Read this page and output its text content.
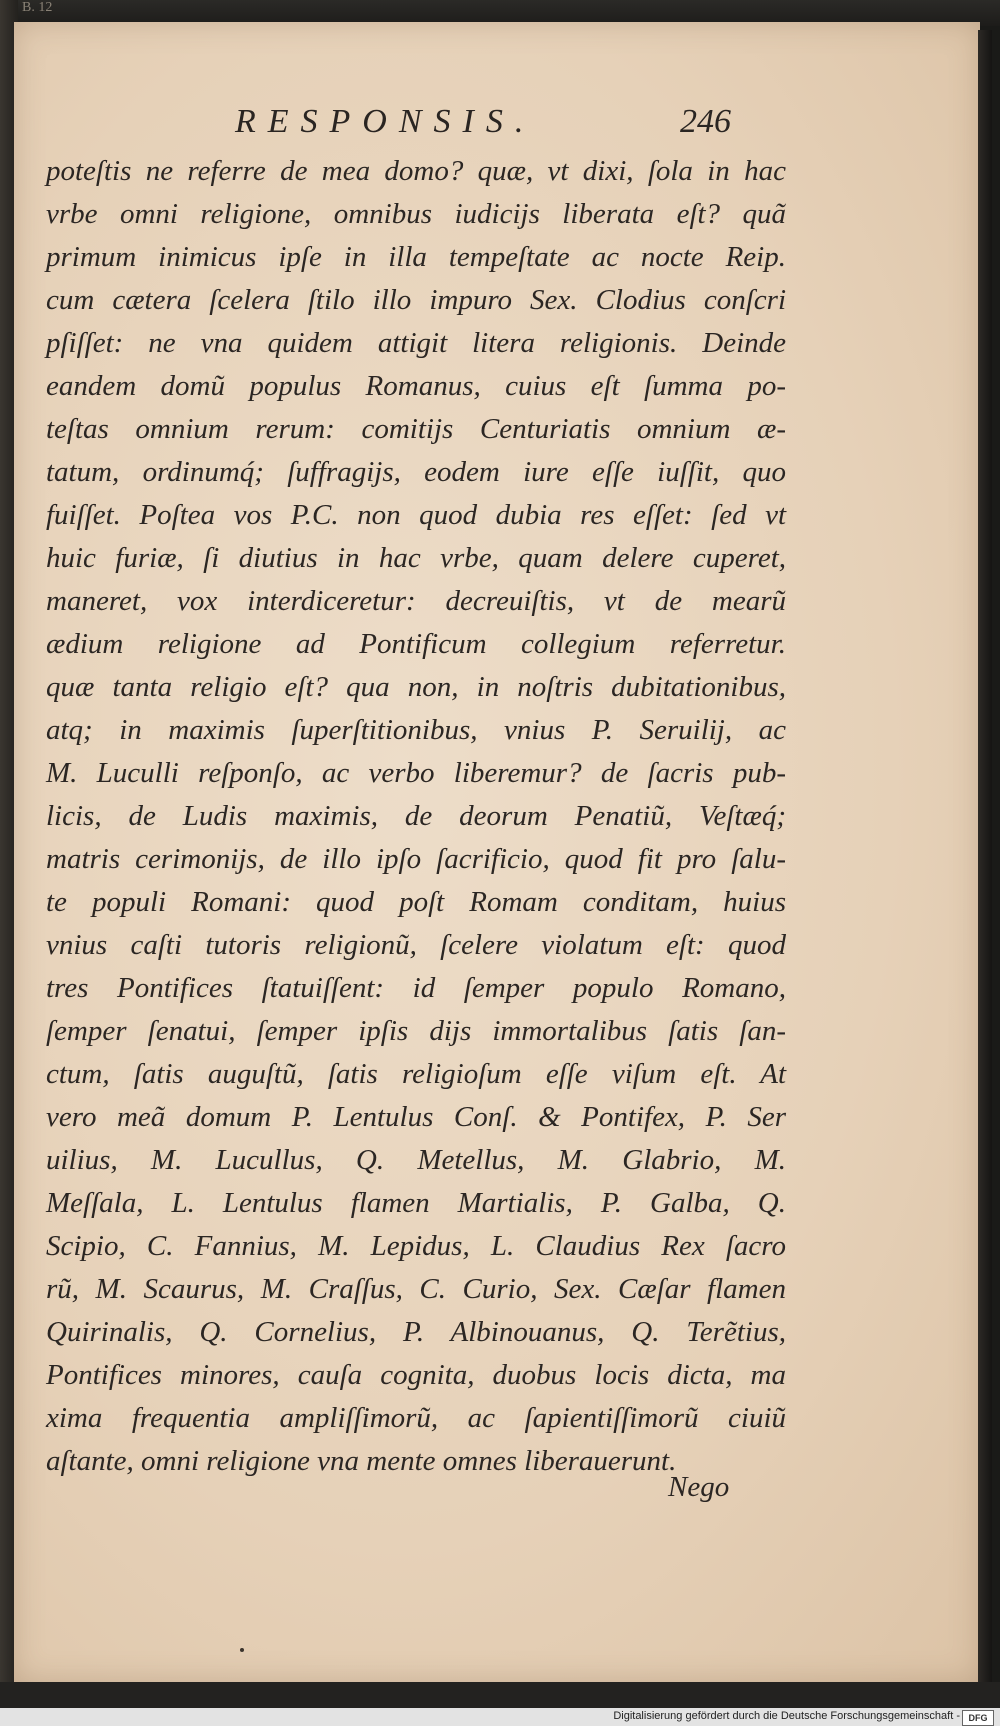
B. 12
RESPONSIS.	246
poteſtis ne referre de mea domo? quæ, vt dixi, ſola in hac
vrbe omni religione, omnibus iudicijs liberata eſt? quã
primum inimicus ipſe in illa tempeſtate ac nocte Reip.
cum cætera ſcelera ſtilo illo impuro Sex. Clodius conſcri
pſiſſet: ne vna quidem attigit litera religionis. Deinde
eandem domũ populus Romanus, cuius eſt ſumma po-
teſtas omnium rerum: comitijs Centuriatis omnium æ-
tatum, ordinumq́; ſuffragijs, eodem iure eſſe iuſſit, quo
fuiſſet. Poſtea vos P.C. non quod dubia res eſſet: ſed vt
huic furiæ, ſi diutius in hac vrbe, quam delere cuperet,
maneret, vox interdiceretur: decreuiſtis, vt de mearũ
ædium religione ad Pontificum collegium referretur.
quæ tanta religio eſt? qua non, in noſtris dubitationibus,
atq; in maximis ſuperſtitionibus, vnius P. Seruilij, ac
M. Luculli reſponſo, ac verbo liberemur? de ſacris pub-
licis, de Ludis maximis, de deorum Penatiũ, Veſtæq́;
matris cerimonijs, de illo ipſo ſacrificio, quod fit pro ſalu-
te populi Romani: quod poſt Romam conditam, huius
vnius caſti tutoris religionũ, ſcelere violatum eſt: quod
tres Pontifices ſtatuiſſent: id ſemper populo Romano,
ſemper ſenatui, ſemper ipſis dijs immortalibus ſatis ſan-
ctum, ſatis auguſtũ, ſatis religioſum eſſe viſum eſt. At
vero meã domum P. Lentulus Conſ. & Pontifex, P. Ser
uilius, M. Lucullus, Q. Metellus, M. Glabrio, M.
Meſſala, L. Lentulus flamen Martialis, P. Galba, Q.
Scipio, C. Fannius, M. Lepidus, L. Claudius Rex ſacro
rũ, M. Scaurus, M. Craſſus, C. Curio, Sex. Cæſar flamen
Quirinalis, Q. Cornelius, P. Albinouanus, Q. Terẽtius,
Pontifices minores, cauſa cognita, duobus locis dicta, ma
xima frequentia ampliſſimorũ, ac ſapientiſſimorũ ciuiũ
aſtante, omni religione vna mente omnes liberauerunt.
Nego
Digitalisierung gefördert durch die Deutsche Forschungsgemeinschaft - DFG
